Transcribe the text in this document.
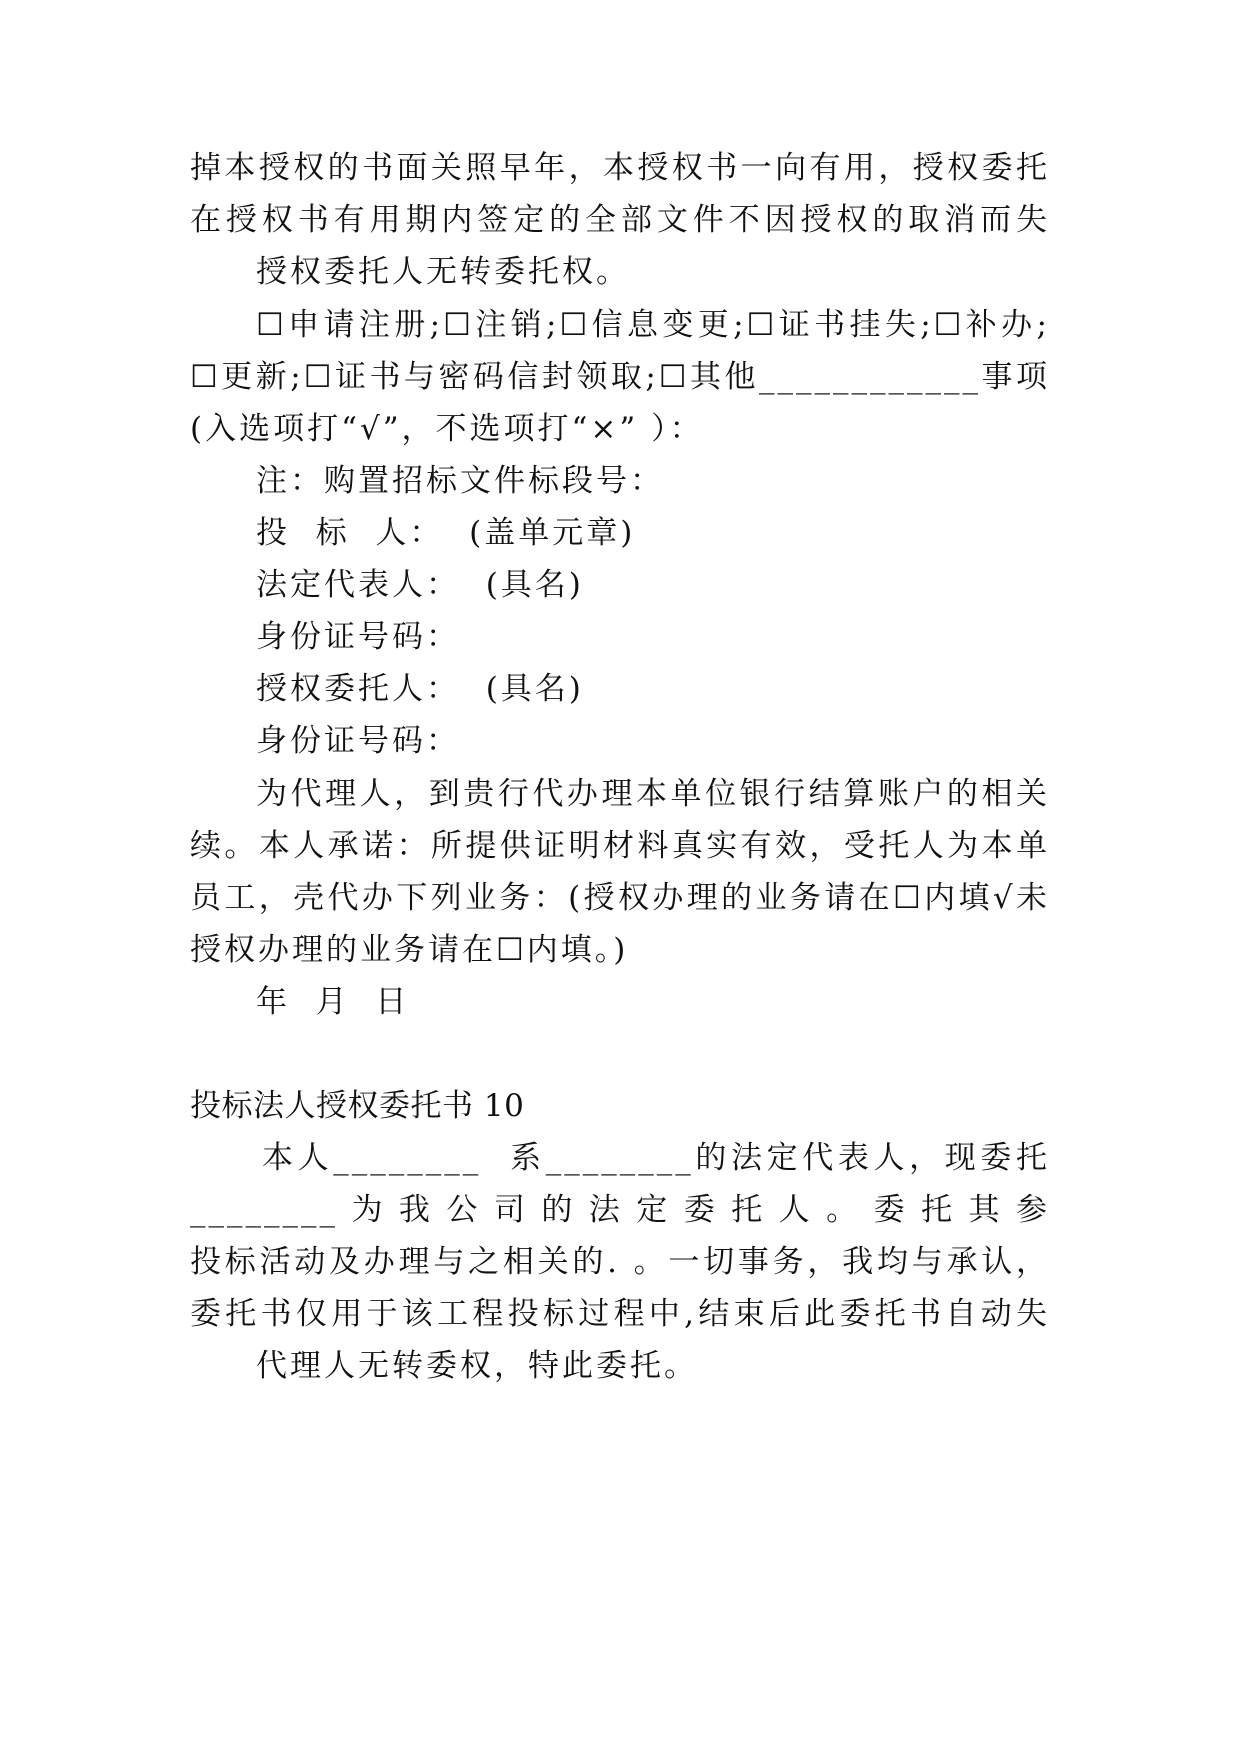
掉本授权的书面关照早年，本授权书一向有用，授权委托
在授权书有用期内签定的全部文件不因授权的取消而失
授权委托人无转委托权。
☐申请注册;☐注销;☐信息变更;☐证书挂失;☐补办;
☐更新;☐证书与密码信封领取;☐其他____________事项
(入选项打“√”，不选项打“×” ）：
注：购置招标文件标段号：
投  标  人：  (盖单元章)
法定代表人：  (具名)
身份证号码：
授权委托人：  (具名)
身份证号码：
为代理人，到贵行代办理本单位银行结算账户的相关
续。本人承诺：所提供证明材料真实有效，受托人为本单
员工，壳代办下列业务：(授权办理的业务请在☐内填√未
授权办理的业务请在☐内填。)
年  月  日
投标法人授权委托书 10
本人________  系________的法定代表人，现委托
________为我公司的法定委托人。委托其参
投标活动及办理与之相关的. 。一切事务，我均与承认，
委托书仅用于该工程投标过程中,结束后此委托书自动失
代理人无转委权，特此委托。
